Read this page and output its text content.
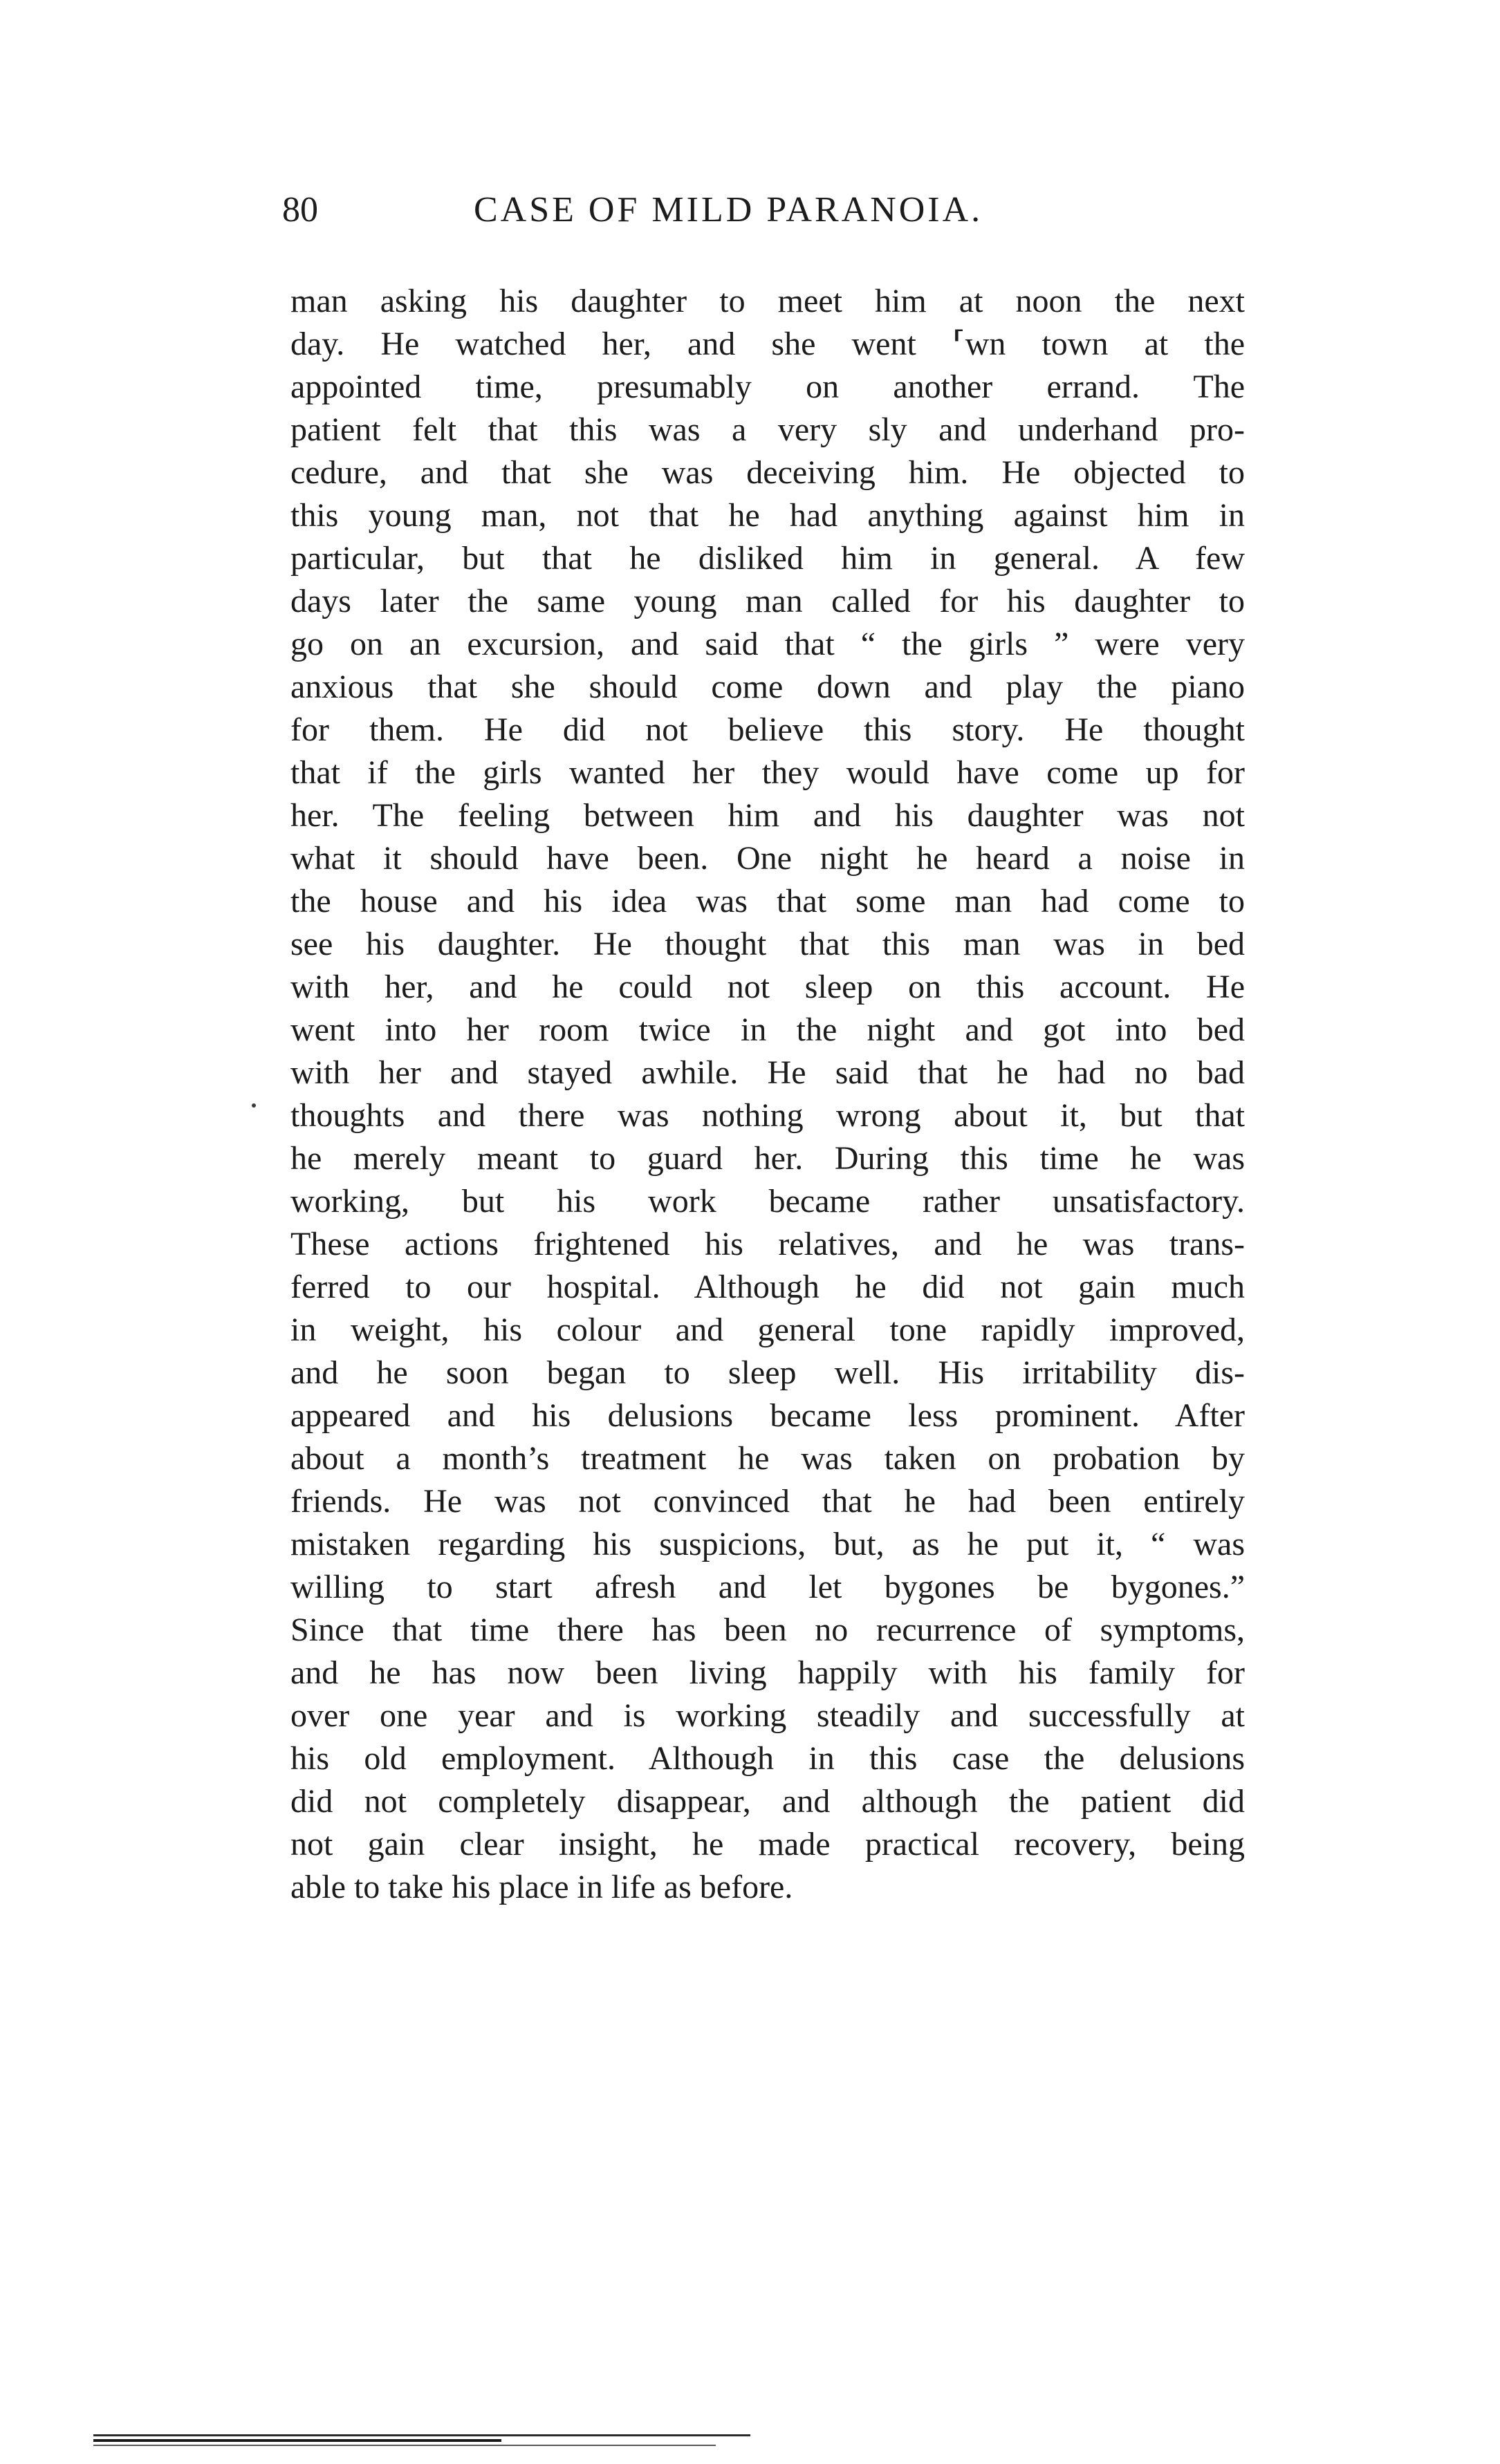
80	CASE OF MILD PARANOIA.
man asking his daughter to meet him at noon the next
day. He watched her, and she went ⸢wn town at the
appointed time, presumably on another errand. The
patient felt that this was a very sly and underhand pro-
cedure, and that she was deceiving him. He objected to
this young man, not that he had anything against him in
particular, but that he disliked him in general. A few
days later the same young man called for his daughter to
go on an excursion, and said that “ the girls ” were very
anxious that she should come down and play the piano
for them. He did not believe this story. He thought
that if the girls wanted her they would have come up for
her. The feeling between him and his daughter was not
what it should have been. One night he heard a noise in
the house and his idea was that some man had come to
see his daughter. He thought that this man was in bed
with her, and he could not sleep on this account. He
went into her room twice in the night and got into bed
with her and stayed awhile. He said that he had no bad
thoughts and there was nothing wrong about it, but that
he merely meant to guard her. During this time he was
working, but his work became rather unsatisfactory.
These actions frightened his relatives, and he was trans-
ferred to our hospital. Although he did not gain much
in weight, his colour and general tone rapidly improved,
and he soon began to sleep well. His irritability dis-
appeared and his delusions became less prominent. After
about a month’s treatment he was taken on probation by
friends. He was not convinced that he had been entirely
mistaken regarding his suspicions, but, as he put it, “ was
willing to start afresh and let bygones be bygones.”
Since that time there has been no recurrence of symptoms,
and he has now been living happily with his family for
over one year and is working steadily and successfully at
his old employment. Although in this case the delusions
did not completely disappear, and although the patient did
not gain clear insight, he made practical recovery, being
able to take his place in life as before.
